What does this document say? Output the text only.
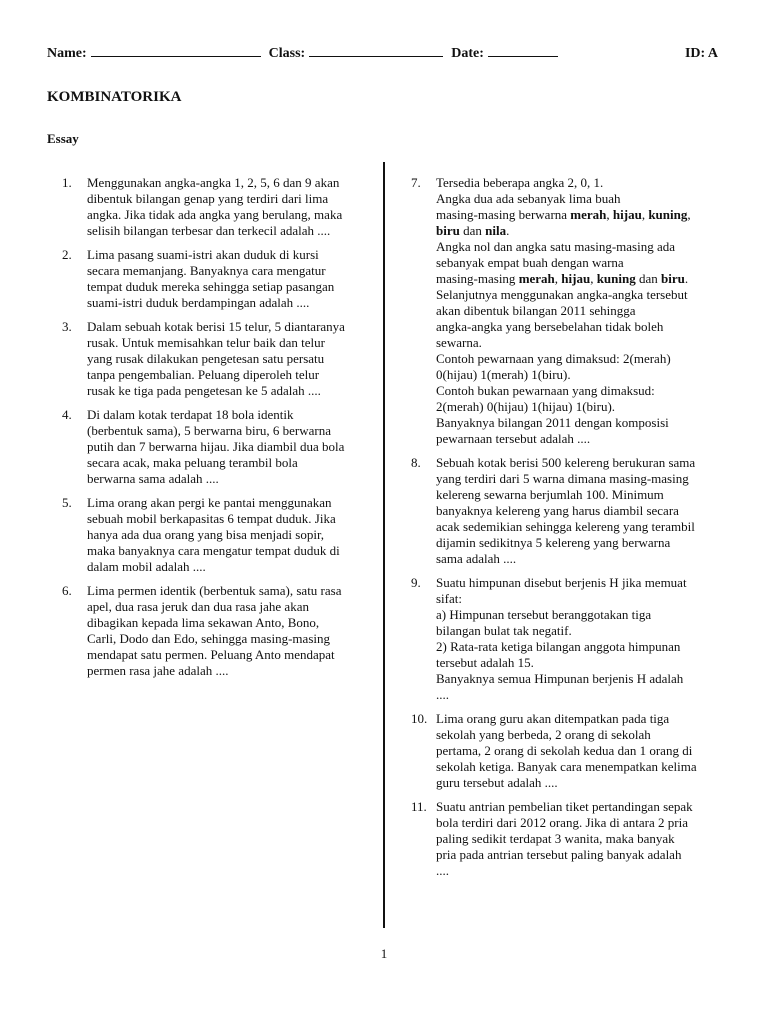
Name:	Class:	Date:	ID: A
KOMBINATORIKA
Essay
1.	Menggunakan angka-angka 1, 2, 5, 6 dan 9 akan
dibentuk bilangan genap yang terdiri dari lima
angka. Jika tidak ada angka yang berulang, maka
selisih bilangan terbesar dan terkecil adalah ....
2.	Lima pasang suami-istri akan duduk di kursi
secara memanjang. Banyaknya cara mengatur
tempat duduk mereka sehingga setiap pasangan
suami-istri duduk berdampingan adalah ....
3.	Dalam sebuah kotak berisi 15 telur, 5 diantaranya
rusak. Untuk memisahkan telur baik dan telur
yang rusak dilakukan pengetesan satu persatu
tanpa pengembalian. Peluang diperoleh telur
rusak ke tiga pada pengetesan ke 5 adalah ....
4.	Di dalam kotak terdapat 18 bola identik
(berbentuk sama), 5 berwarna biru, 6 berwarna
putih dan 7 berwarna hijau. Jika diambil dua bola
secara acak, maka peluang terambil bola
berwarna sama adalah ....
5.	Lima orang akan pergi ke pantai menggunakan
sebuah mobil berkapasitas 6 tempat duduk. Jika
hanya ada dua orang yang bisa menjadi sopir,
maka banyaknya cara mengatur tempat duduk di
dalam mobil adalah ....
6.	Lima permen identik (berbentuk sama), satu rasa
apel, dua rasa jeruk dan dua rasa jahe akan
dibagikan kepada lima sekawan Anto, Bono,
Carli, Dodo dan Edo, sehingga masing-masing
mendapat satu permen. Peluang Anto mendapat
permen rasa jahe adalah ....
7.	Tersedia beberapa angka 2, 0, 1.
Angka dua ada sebanyak lima buah
masing-masing berwarna merah, hijau, kuning,
biru dan nila.
Angka nol dan angka satu masing-masing ada
sebanyak empat buah dengan warna
masing-masing merah, hijau, kuning dan biru.
Selanjutnya menggunakan angka-angka tersebut
akan dibentuk bilangan 2011 sehingga
angka-angka yang bersebelahan tidak boleh
sewarna.
Contoh pewarnaan yang dimaksud: 2(merah)
0(hijau) 1(merah) 1(biru).
Contoh bukan pewarnaan yang dimaksud:
2(merah) 0(hijau) 1(hijau) 1(biru).
Banyaknya bilangan 2011 dengan komposisi
pewarnaan tersebut adalah ....
8.	Sebuah kotak berisi 500 kelereng berukuran sama
yang terdiri dari 5 warna dimana masing-masing
kelereng sewarna berjumlah 100. Minimum
banyaknya kelereng yang harus diambil secara
acak sedemikian sehingga kelereng yang terambil
dijamin sedikitnya 5 kelereng yang berwarna
sama adalah ....
9.	Suatu himpunan disebut berjenis H jika memuat
sifat:
a) Himpunan tersebut beranggotakan tiga
bilangan bulat tak negatif.
2) Rata-rata ketiga bilangan anggota himpunan
tersebut adalah 15.
Banyaknya semua Himpunan berjenis H adalah
....
10. Lima orang guru akan ditempatkan pada tiga
sekolah yang berbeda, 2 orang di sekolah
pertama, 2 orang di sekolah kedua dan 1 orang di
sekolah ketiga. Banyak cara menempatkan kelima
guru tersebut adalah ....
11. Suatu antrian pembelian tiket pertandingan sepak
bola terdiri dari 2012 orang. Jika di antara 2 pria
paling sedikit terdapat 3 wanita, maka banyak
pria pada antrian tersebut paling banyak adalah
....
1
